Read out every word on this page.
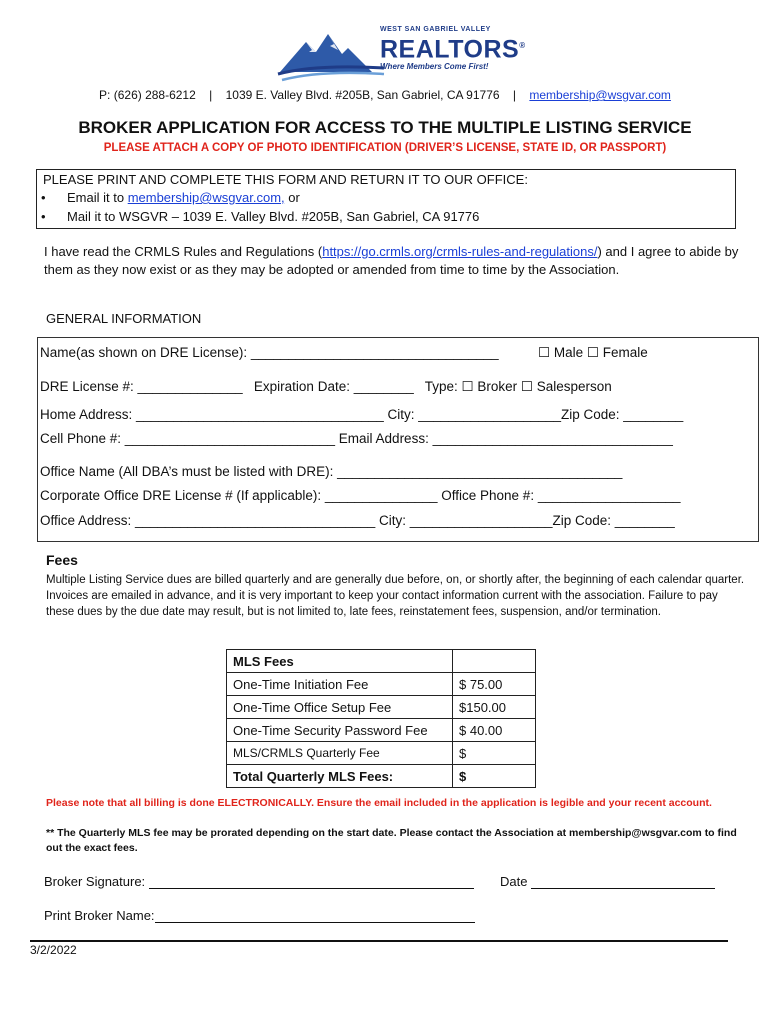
WEST SAN GABRIEL VALLEY
REALTORS®
Where Members Come First!
P: (626) 288-6212 | 1039 E. Valley Blvd. #205B, San Gabriel, CA 91776 | membership@wsgvar.com
BROKER APPLICATION FOR ACCESS TO THE MULTIPLE LISTING SERVICE
PLEASE ATTACH A COPY OF PHOTO IDENTIFICATION (DRIVER’S LICENSE, STATE ID, OR PASSPORT)
PLEASE PRINT AND COMPLETE THIS FORM AND RETURN IT TO OUR OFFICE:
• Email it to membership@wsgvar.com, or
• Mail it to WSGVR – 1039 E. Valley Blvd. #205B, San Gabriel, CA 91776
I have read the CRMLS Rules and Regulations (https://go.crmls.org/crmls-rules-and-regulations/) and I agree to abide by them as they now exist or as they may be adopted or amended from time to time by the Association.
GENERAL INFORMATION
Name(as shown on DRE License): _________________________________	☐ Male ☐ Female
DRE License #: ______________   Expiration Date: ________   Type: ☐ Broker ☐ Salesperson
Home Address: _________________________________ City: ___________________Zip Code: ________
Cell Phone #: ____________________________ Email Address: ________________________________
Office Name (All DBA’s must be listed with DRE): ______________________________________
Corporate Office DRE License # (If applicable): _______________ Office Phone #: ___________________
Office Address: ________________________________ City: ___________________Zip Code: ________
Fees
Multiple Listing Service dues are billed quarterly and are generally due before, on, or shortly after, the beginning of each calendar quarter. Invoices are emailed in advance, and it is very important to keep your contact information current with the association. Failure to pay these dues by the due date may result, but is not limited to, late fees, reinstatement fees, suspension, and/or termination.
MLS Fees	
One-Time Initiation Fee	$ 75.00
One-Time Office Setup Fee	$150.00
One-Time Security Password Fee	$ 40.00
MLS/CRMLS Quarterly Fee	$
Total Quarterly MLS Fees:	$
Please note that all billing is done ELECTRONICALLY. Ensure the email included in the application is legible and your recent account.
** The Quarterly MLS fee may be prorated depending on the start date. Please contact the Association at membership@wsgvar.com to find out the exact fees.
Broker Signature:	Date
Print Broker Name:
3/2/2022
